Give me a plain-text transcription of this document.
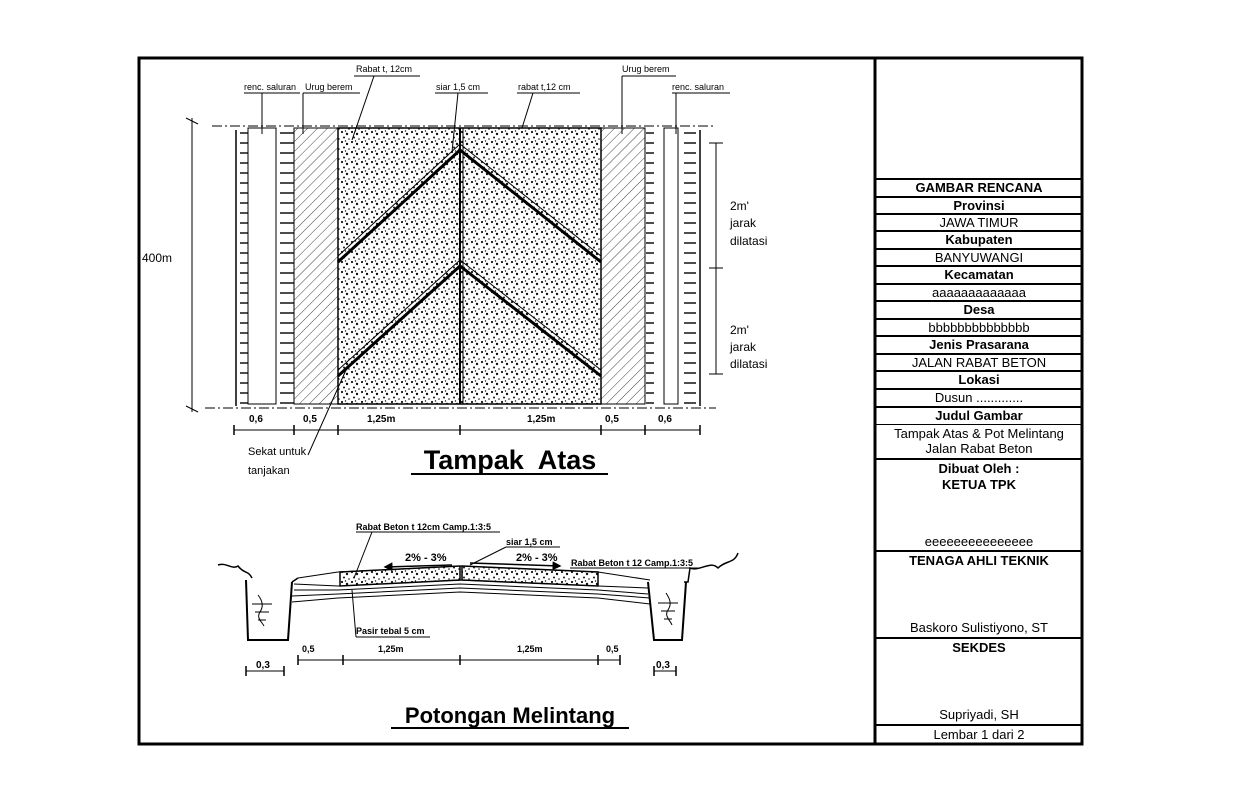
400m
renc. saluran Urug berem
Rabat t, 12cm
siar 1,5 cm	rabat t,12 cm
Urug berem
renc. saluran
2m'
jarak
dilatasi
2m'
jarak
dilatasi
0,6	0,5	1,25m	1,25m	0,5	0,6
Sekat untuk
tanjakan	Tampak  Atas
Rabat Beton t 12cm Camp.1:3:5
siar 1,5 cm
2% - 3%	2% - 3% Rabat Beton t 12 Camp.1:3:5
Pasir tebal 5 cm
0,5	1,25m	1,25m	0,5
0,3	0,3
Potongan Melintang
GAMBAR RENCANA
Provinsi
JAWA TIMUR
Kabupaten
BANYUWANGI
Kecamatan
aaaaaaaaaaaaa
Desa
bbbbbbbbbbbbbb
Jenis Prasarana
JALAN RABAT BETON
Lokasi
Dusun .............
Judul Gambar
Tampak Atas & Pot Melintang
Jalan Rabat Beton
Dibuat Oleh :
KETUA TPK
eeeeeeeeeeeeeee
TENAGA AHLI TEKNIK
Baskoro Sulistiyono, ST
SEKDES
Supriyadi, SH
Lembar 1 dari 2
